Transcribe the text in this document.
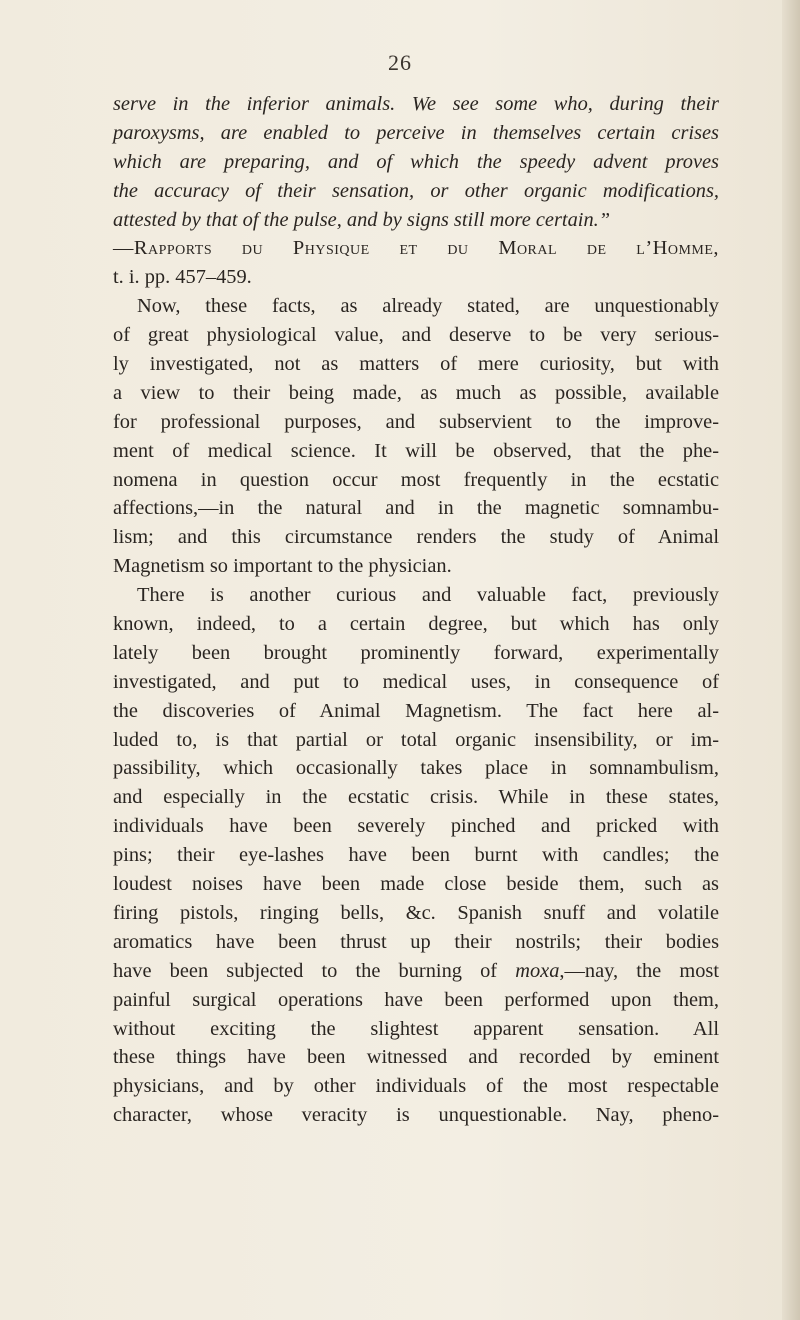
26
serve in the inferior animals. We see some who, during their
paroxysms, are enabled to perceive in themselves certain crises
which are preparing, and of which the speedy advent proves
the accuracy of their sensation, or other organic modifications,
attested by that of the pulse, and by signs still more certain.”
—Rapports du Physique et du Moral de l’Homme,
t. i. pp. 457–459.
Now, these facts, as already stated, are unquestionably
of great physiological value, and deserve to be very serious-
ly investigated, not as matters of mere curiosity, but with
a view to their being made, as much as possible, available
for professional purposes, and subservient to the improve-
ment of medical science. It will be observed, that the phe-
nomena in question occur most frequently in the ecstatic
affections,—in the natural and in the magnetic somnambu-
lism; and this circumstance renders the study of Animal
Magnetism so important to the physician.
There is another curious and valuable fact, previously
known, indeed, to a certain degree, but which has only
lately been brought prominently forward, experimentally
investigated, and put to medical uses, in consequence of
the discoveries of Animal Magnetism. The fact here al-
luded to, is that partial or total organic insensibility, or im-
passibility, which occasionally takes place in somnambulism,
and especially in the ecstatic crisis. While in these states,
individuals have been severely pinched and pricked with
pins; their eye-lashes have been burnt with candles; the
loudest noises have been made close beside them, such as
firing pistols, ringing bells, &c. Spanish snuff and volatile
aromatics have been thrust up their nostrils; their bodies
have been subjected to the burning of moxa,—nay, the most
painful surgical operations have been performed upon them,
without exciting the slightest apparent sensation. All
these things have been witnessed and recorded by eminent
physicians, and by other individuals of the most respectable
character, whose veracity is unquestionable. Nay, pheno-
